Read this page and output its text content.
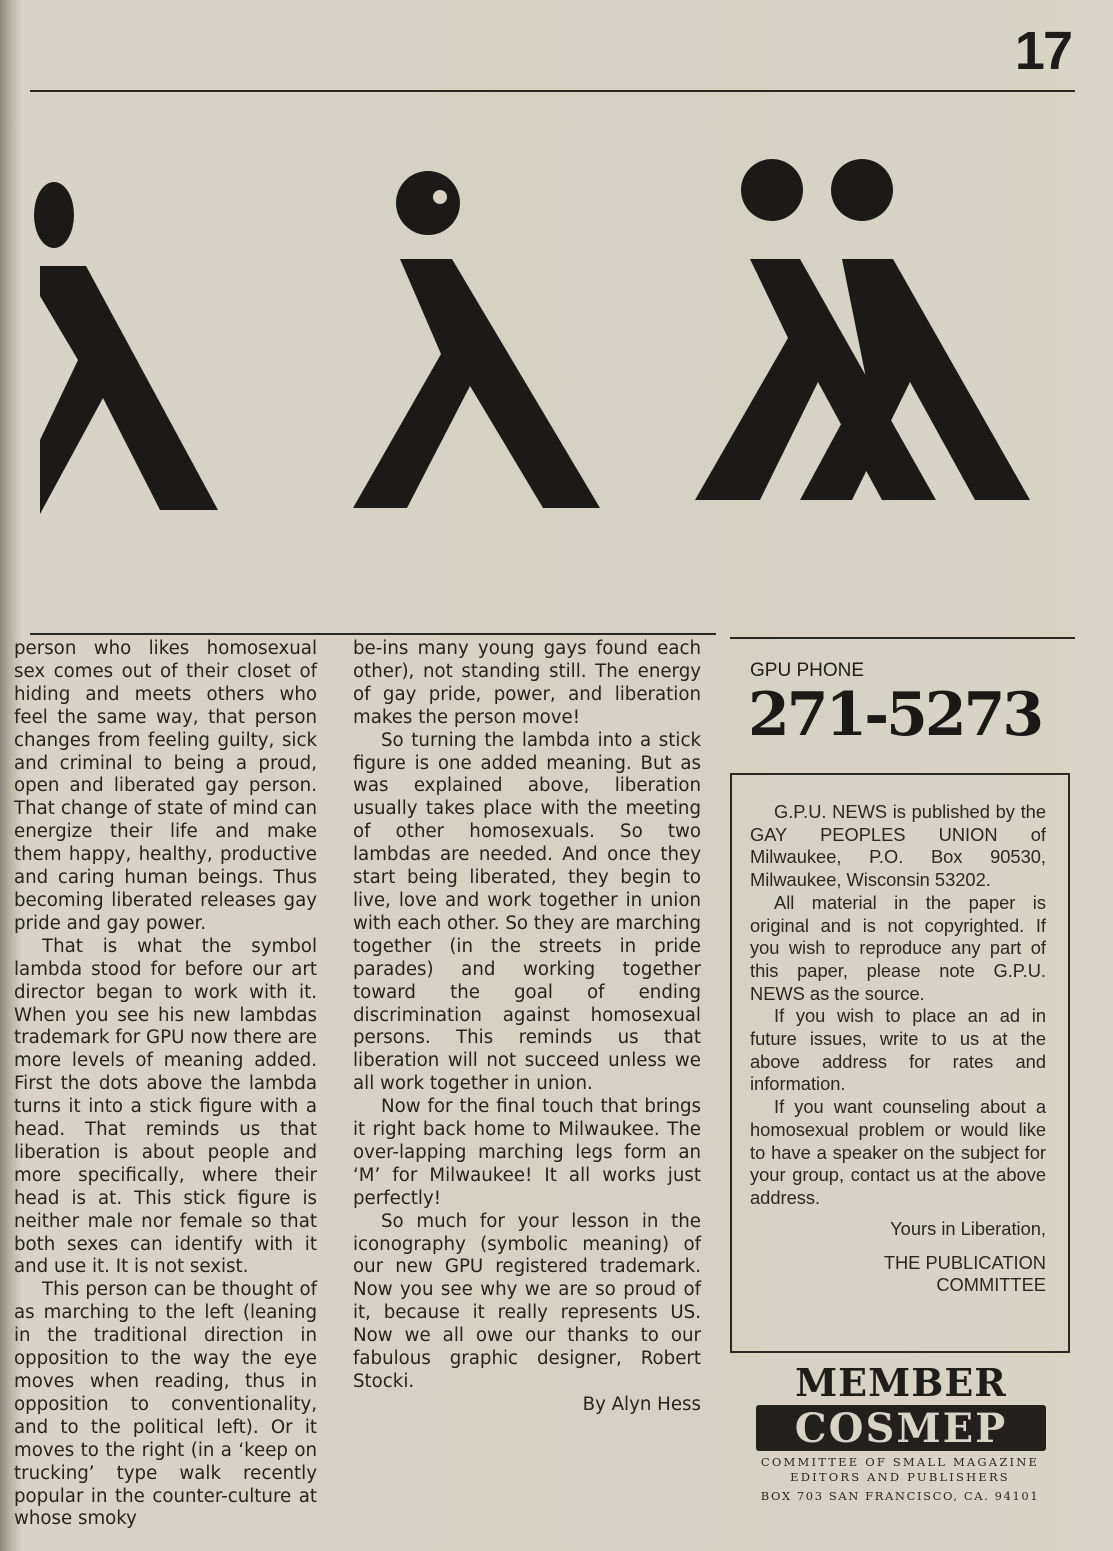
17

person who likes homosexual sex comes out of their closet of hiding and meets others who feel the same way, that person changes from feeling guilty, sick and criminal to being a proud, open and liberated gay person. That change of state of mind can energize their life and make them happy, healthy, productive and caring human beings. Thus becoming liberated releases gay pride and gay power.

That is what the symbol lambda stood for before our art director began to work with it. When you see his new lambdas trademark for GPU now there are more levels of meaning added. First the dots above the lambda turns it into a stick figure with a head. That reminds us that liberation is about people and more specifically, where their head is at. This stick figure is neither male nor female so that both sexes can identify with it and use it. It is not sexist.

This person can be thought of as marching to the left (leaning in the traditional direction in opposition to the way the eye moves when reading, thus in opposition to conventionality, and to the political left). Or it moves to the right (in a ‘keep on trucking’ type walk recently popular in the counter-culture at whose smoky

be-ins many young gays found each other), not standing still. The energy of gay pride, power, and liberation makes the person move!

So turning the lambda into a stick figure is one added meaning. But as was explained above, liberation usually takes place with the meeting of other homosexuals. So two lambdas are needed. And once they start being liberated, they begin to live, love and work together in union with each other. So they are marching together (in the streets in pride parades) and working together toward the goal of ending discrimination against homosexual persons. This reminds us that liberation will not succeed unless we all work together in union.

Now for the final touch that brings it right back home to Milwaukee. The over-lapping marching legs form an ‘M’ for Milwaukee! It all works just perfectly!

So much for your lesson in the iconography (symbolic meaning) of our new GPU registered trademark. Now you see why we are so proud of it, because it really represents US. Now we all owe our thanks to our fabulous graphic designer, Robert Stocki.

By Alyn Hess

GPU PHONE
271-5273

G.P.U. NEWS is published by the GAY PEOPLES UNION of Milwaukee, P.O. Box 90530, Milwaukee, Wisconsin 53202.

All material in the paper is original and is not copyrighted. If you wish to reproduce any part of this paper, please note G.P.U. NEWS as the source.

If you wish to place an ad in future issues, write to us at the above address for rates and information.

If you want counseling about a homosexual problem or would like to have a speaker on the subject for your group, contact us at the above address.

Yours in Liberation,

THE PUBLICATION

COMMITTEE

MEMBER
COSMEP
COMMITTEE OF SMALL MAGAZINE
EDITORS AND PUBLISHERS
BOX 703 SAN FRANCISCO, CA. 94101
